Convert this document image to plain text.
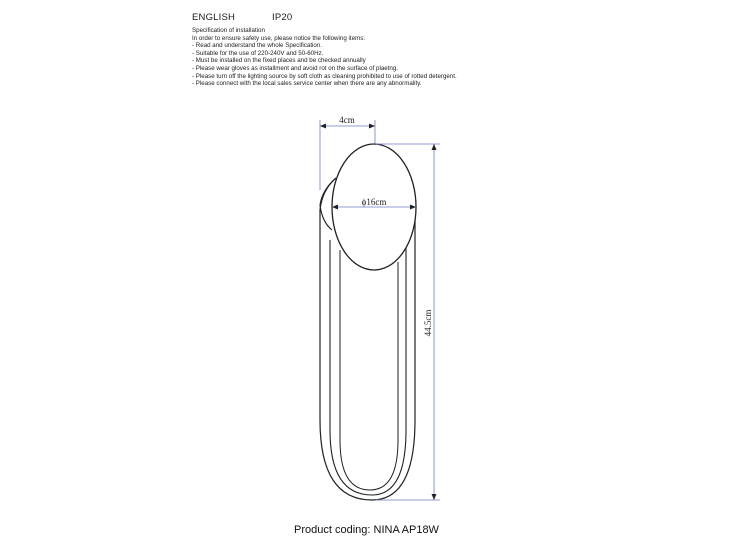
ENGLISH	IP20
Specification of installation
In order to ensure safety use, please notice the following items:
- Read and understand the whole Specification.
- Suitable for the use of 220-240V and 50-60Hz.
- Must be installed on the fixed places and be checked annually
- Please wear gloves as installment and avoid rot on the surface of plaetng.
- Please turn off the lighting source by soft cloth as cleaning prohibited to use of rotted detergent.
- Please connect with the local sales service center when there are any abnormality.
ϕ16cm
4cm
44.5cm
Product coding: NINA AP18W
